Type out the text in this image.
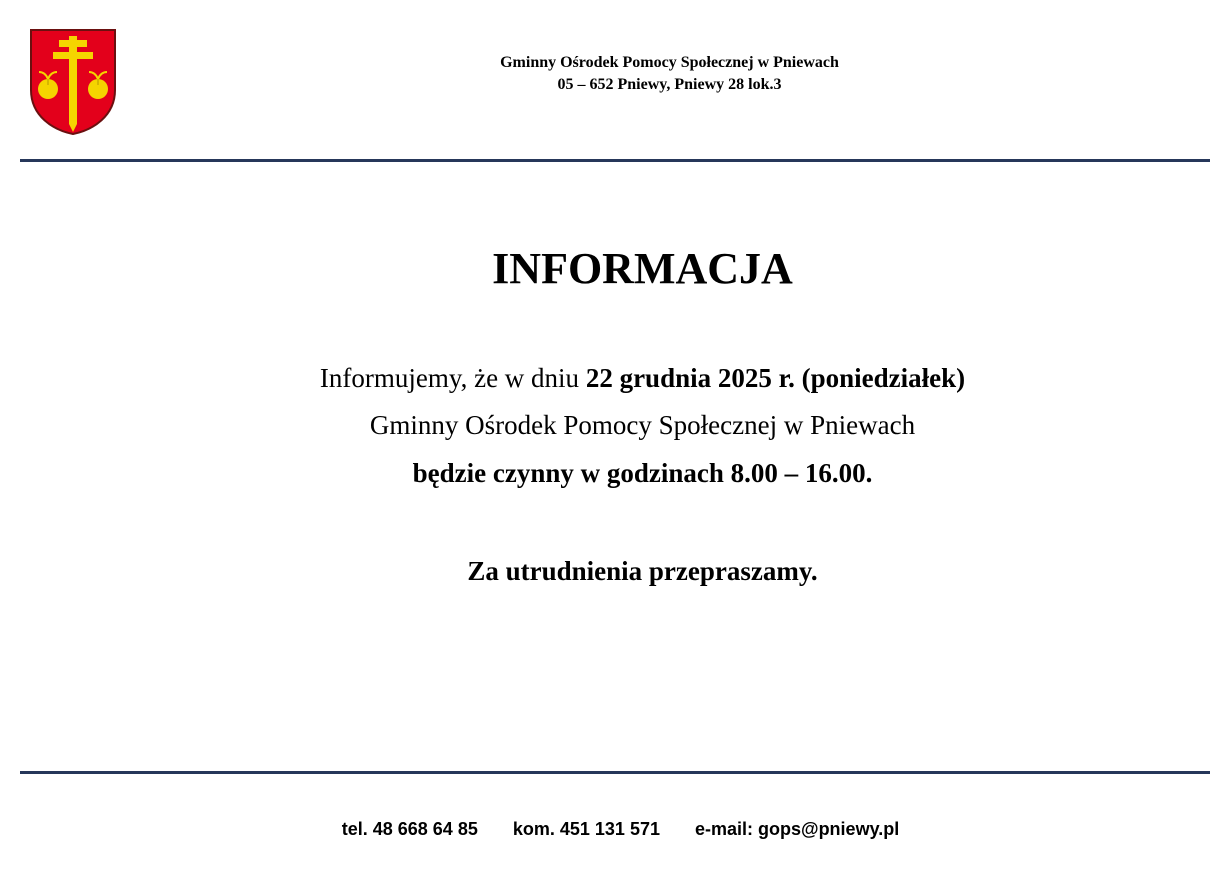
Gminny Ośrodek Pomocy Społecznej w Pniewach
05 – 652 Pniewy, Pniewy 28 lok.3
INFORMACJA
Informujemy, że w dniu 22 grudnia 2025 r. (poniedziałek)
Gminny Ośrodek Pomocy Społecznej w Pniewach
będzie czynny w godzinach 8.00 – 16.00.
Za utrudnienia przepraszamy.
tel. 48 668 64 85 kom. 451 131 571 e-mail: gops@pniewy.pl
